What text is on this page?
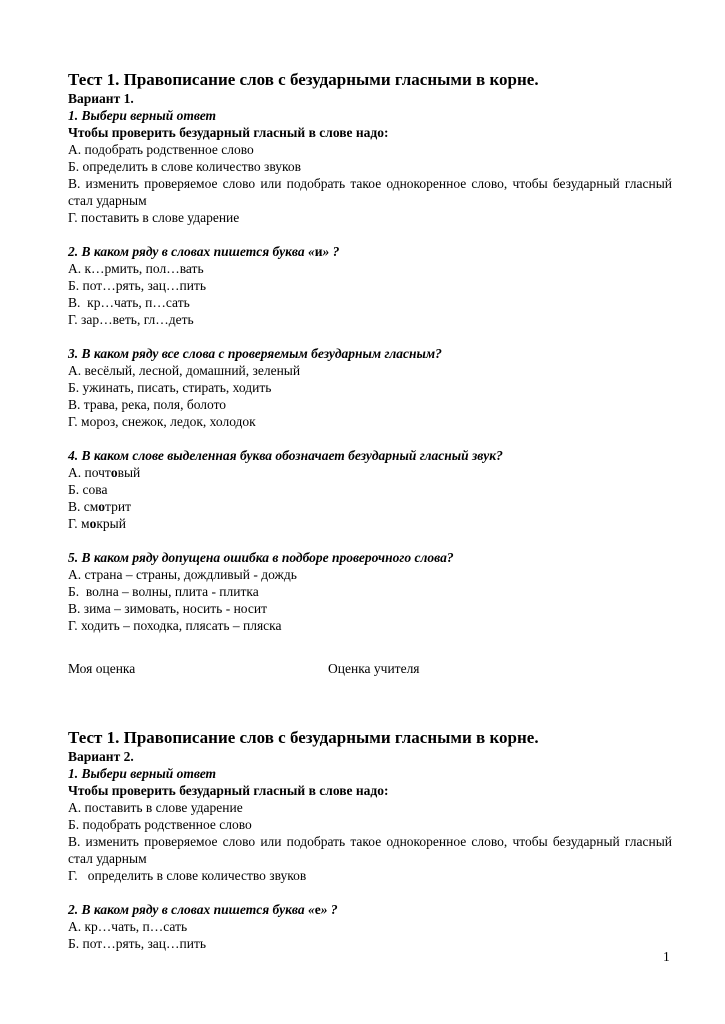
Тест 1. Правописание слов с безударными гласными в корне.

Вариант 1.

1. Выбери верный ответ

Чтобы проверить безударный гласный в слове надо:

А. подобрать родственное слово

Б. определить в слове количество звуков

В. изменить проверяемое слово или подобрать такое однокоренное слово, чтобы безударный гласный стал ударным

Г. поставить в слове ударение

2. В каком ряду в словах пишется буква «и» ?

А. к…рмить, пол…вать

Б. пот…рять, зац…пить

В.  кр…чать, п…сать

Г. зар…веть, гл…деть

3. В каком ряду все слова с проверяемым безударным гласным?

А. весёлый, лесной, домашний, зеленый

Б. ужинать, писать, стирать, ходить

В. трава, река, поля, болото

Г. мороз, снежок, ледок, холодок

4. В каком слове выделенная буква обозначает безударный гласный звук?

А. почтовый

Б. сова

В. смотрит

Г. мокрый

5. В каком ряду допущена ошибка в подборе проверочного слова?

А. страна – страны, дождливый - дождь

Б.  волна – волны, плита - плитка

В. зима – зимовать, носить - носит

Г. ходить – походка, плясать – пляска

Моя оценка	Оценка учителя

Тест 1. Правописание слов с безударными гласными в корне.

Вариант 2.

1. Выбери верный ответ

Чтобы проверить безударный гласный в слове надо:

А. поставить в слове ударение

Б. подобрать родственное слово

В. изменить проверяемое слово или подобрать такое однокоренное слово, чтобы безударный гласный стал ударным

Г.   определить в слове количество звуков

2. В каком ряду в словах пишется буква «е» ?

А. кр…чать, п…сать

Б. пот…рять, зац…пить

1
